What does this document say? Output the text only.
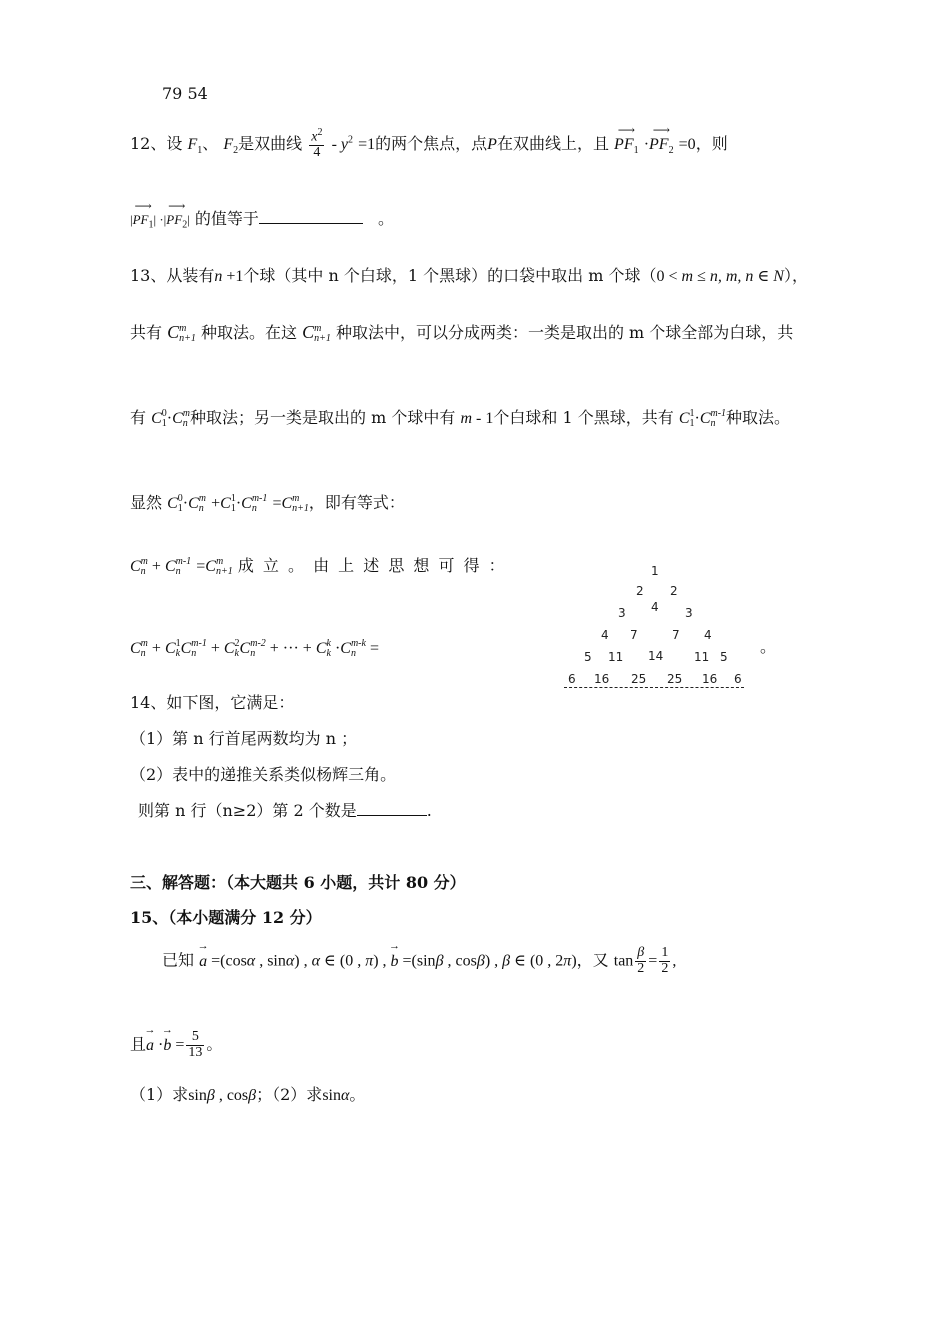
79 54
12、设 $F_1$、 $F_2$是双曲线 $\frac{x^2}{4} - y^2 =1$的两个焦点，点P在双曲线上，且 ⟶ $PF_1$ ·⟶ $PF_2 =0$，则
|⟶ $PF_1|$ ·|⟶ $PF_2|$ 的值等于	。
13、从装有n +1个球（其中 n 个白球，1 个黑球）的口袋中取出 m 个球（0 < m ≤ n, m, n ∈ N），
共有 C m
n+1 种取法。在这 C m
n+1 种取法中，可以分成两类：一类是取出的 m 个球全部为白球，共
有 C 0
1 ·C m
n 种取法；另一类是取出的 m 个球中有 m - 1个白球和 1 个黑球，共有 C 1
1 ·C m-1
n 种取法。
显然 C 0
1 ·C m
n +C 1
1 ·C m-1
n =C m
n+1 ，即有等式：
C m
n + C m-1
n =C m
n+1 成 立 。 由 上 述 思 想 可 得 ：
C m
n + C 1
k C m-1
n + C 2
k C m-2
n + ··· + C k
k ·C m-k
n =	。
1
2 2
3 4 3
4 7	7 4
5 11 14	11 5
6 16 25 25 16 6
14、如下图，它满足：
（1）第 n 行首尾两数均为 n ；
（2）表中的递推关系类似杨辉三角。
则第 n 行（n≥2）第 2 个数是	.
三、解答题：（本大题共 6 小题，共计 80 分）
15、（本小题满分 12 分）
已知 → a =(cosα , sinα) , α ∈ (0 , π) , → b =(sinβ , cosβ) , β ∈ (0 , 2π)，又 $\tan \frac{\beta}{2} = \frac{1}{2}$ ,
且→ $a \cdot\to b = \frac{5}{13}$ 。
（1）求sinβ , cosβ；（2）求sinα。
